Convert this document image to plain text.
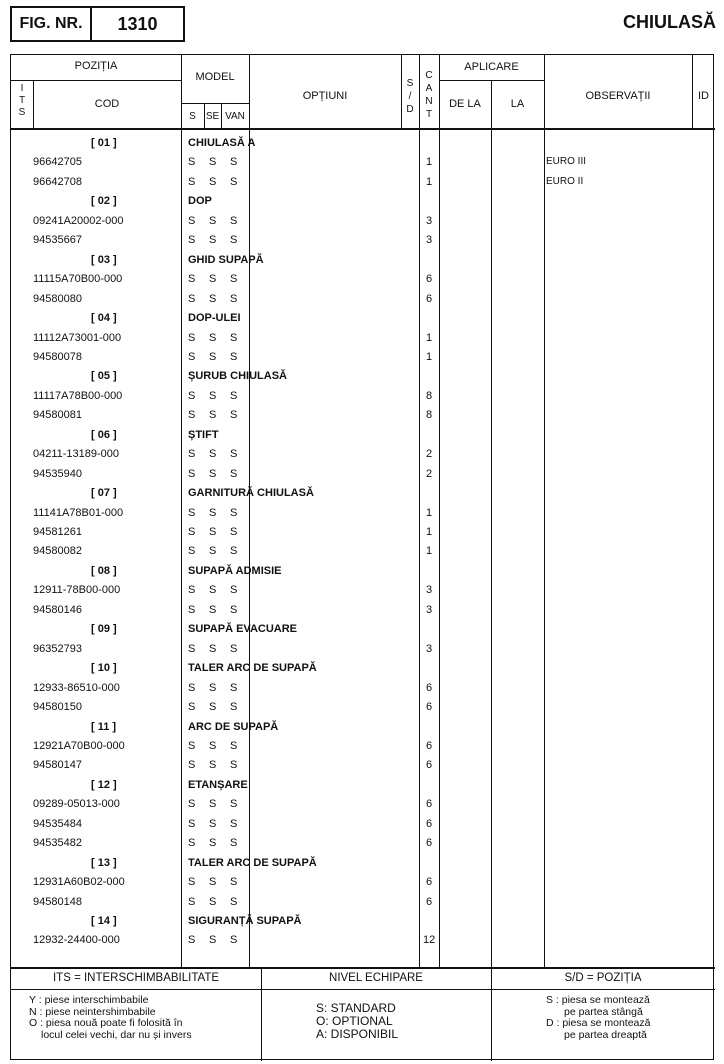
FIG. NR.	1310	CHIULASĂ
POZIȚIA
I
T
S
COD
MODEL
S	SE VAN
OPȚIUNI
S
/
D
C
A
N
T
APLICARE
DE LA	LA
OBSERVAȚII	ID
[ 01 ]	CHIULASĂ A
96642705	S S S	1	EURO III
96642708	S S S	1	EURO II
[ 02 ]	DOP
09241A20002-000	S S S	3
94535667	S S S	3
[ 03 ]	GHID SUPAPĂ
11115A70B00-000	S S S	6
94580080	S S S	6
[ 04 ]	DOP-ULEI
11112A73001-000	S S S	1
94580078	S S S	1
[ 05 ]	ȘURUB CHIULASĂ
11117A78B00-000	S S S	8
94580081	S S S	8
[ 06 ]	ȘTIFT
04211-13189-000	S S S	2
94535940	S S S	2
[ 07 ]	GARNITURĂ CHIULASĂ
11141A78B01-000	S S S	1
94581261	S S S	1
94580082	S S S	1
[ 08 ]	SUPAPĂ ADMISIE
12911-78B00-000	S S S	3
94580146	S S S	3
[ 09 ]	SUPAPĂ EVACUARE
96352793	S S S	3
[ 10 ]	TALER ARC DE SUPAPĂ
12933-86510-000	S S S	6
94580150	S S S	6
[ 11 ]	ARC DE SUPAPĂ
12921A70B00-000	S S S	6
94580147	S S S	6
[ 12 ]	ETANȘARE
09289-05013-000	S S S	6
94535484	S S S	6
94535482	S S S	6
[ 13 ]	TALER ARC DE SUPAPĂ
12931A60B02-000	S S S	6
94580148	S S S	6
[ 14 ]	SIGURANȚĂ SUPAPĂ
12932-24400-000	S S S	12
ITS = INTERSCHIMBABILITATE	NIVEL ECHIPARE	S/D = POZIȚIA
Y : piese interschimbabile
N : piese neintershimbabile
O : piesa nouă poate fi folosită în
locul celei vechi, dar nu și invers
S: STANDARD
O: OPTIONAL
A: DISPONIBIL
S : piesa se montează
pe partea stângă
D : piesa se montează
pe partea dreaptă
